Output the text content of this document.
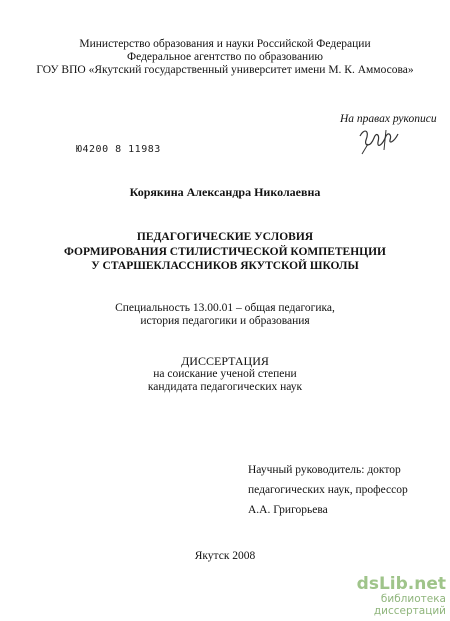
Министерство образования и науки Российской Федерации
Федеральное агентство по образованию
ГОУ ВПО «Якутский государственный университет имени М. К. Аммосова»
На правах рукописи
Ю4200 8 11983
Корякина Александра Николаевна
ПЕДАГОГИЧЕСКИЕ УСЛОВИЯ
ФОРМИРОВАНИЯ СТИЛИСТИЧЕСКОЙ КОМПЕТЕНЦИИ
У СТАРШЕКЛАССНИКОВ ЯКУТСКОЙ ШКОЛЫ
Специальность 13.00.01 – общая педагогика,
история педагогики и образования
ДИССЕРТАЦИЯ
на соискание ученой степени
кандидата педагогических наук
Научный руководитель: доктор
педагогических наук, профессор
А.А. Григорьева
Якутск 2008
dsLib.net
библиотека диссертаций
